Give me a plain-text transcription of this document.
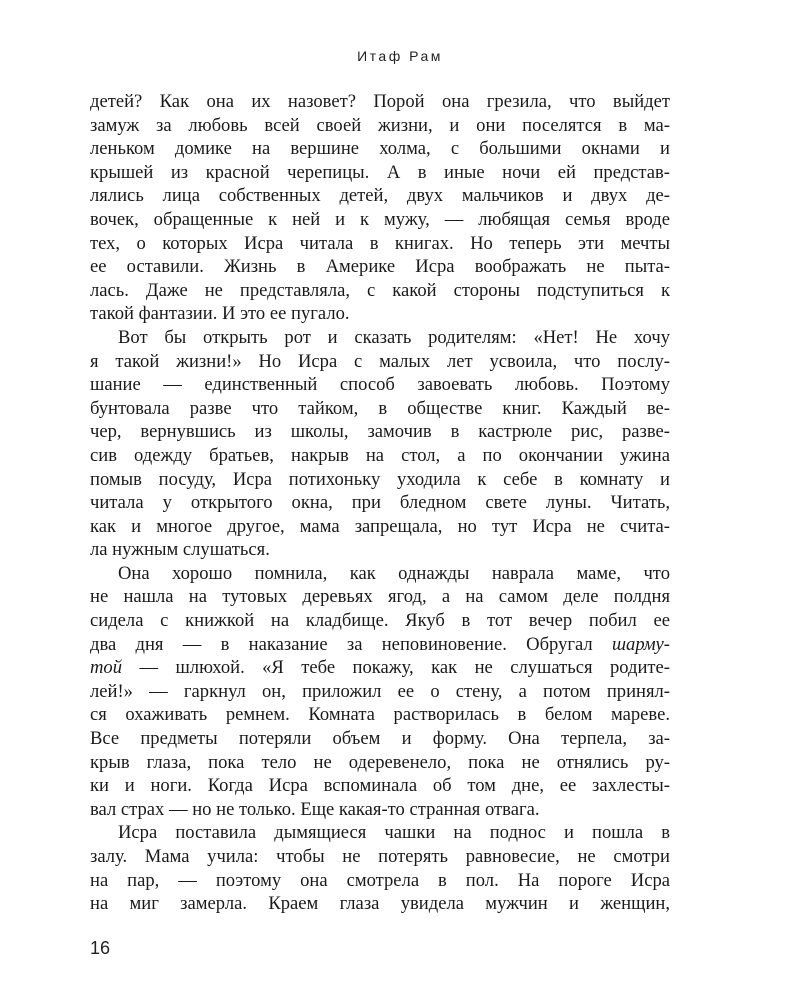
Итаф Рам
детей? Как она их назовет? Порой она грезила, что выйдет
замуж за любовь всей своей жизни, и они поселятся в ма-
леньком домике на вершине холма, с большими окнами и
крышей из красной черепицы. А в иные ночи ей представ-
лялись лица собственных детей, двух мальчиков и двух де-
вочек, обращенные к ней и к мужу, — любящая семья вроде
тех, о которых Исра читала в книгах. Но теперь эти мечты
ее оставили. Жизнь в Америке Исра воображать не пыта-
лась. Даже не представляла, с какой стороны подступиться к
такой фантазии. И это ее пугало.
Вот бы открыть рот и сказать родителям: «Нет! Не хочу
я такой жизни!» Но Исра с малых лет усвоила, что послу-
шание — единственный способ завоевать любовь. Поэтому
бунтовала разве что тайком, в обществе книг. Каждый ве-
чер, вернувшись из школы, замочив в кастрюле рис, разве-
сив одежду братьев, накрыв на стол, а по окончании ужина
помыв посуду, Исра потихоньку уходила к себе в комнату и
читала у открытого окна, при бледном свете луны. Читать,
как и многое другое, мама запрещала, но тут Исра не счита-
ла нужным слушаться.
Она хорошо помнила, как однажды наврала маме, что
не нашла на тутовых деревьях ягод, а на самом деле полдня
сидела с книжкой на кладбище. Якуб в тот вечер побил ее
два дня — в наказание за неповиновение. Обругал шарму-
той — шлюхой. «Я тебе покажу, как не слушаться родите-
лей!» — гаркнул он, приложил ее о стену, а потом принял-
ся охаживать ремнем. Комната растворилась в белом мареве.
Все предметы потеряли объем и форму. Она терпела, за-
крыв глаза, пока тело не одеревенело, пока не отнялись ру-
ки и ноги. Когда Исра вспоминала об том дне, ее захлесты-
вал страх — но не только. Еще какая-то странная отвага.
Исра поставила дымящиеся чашки на поднос и пошла в
залу. Мама учила: чтобы не потерять равновесие, не смотри
на пар, — поэтому она смотрела в пол. На пороге Исра
на миг замерла. Краем глаза увидела мужчин и женщин,
16
